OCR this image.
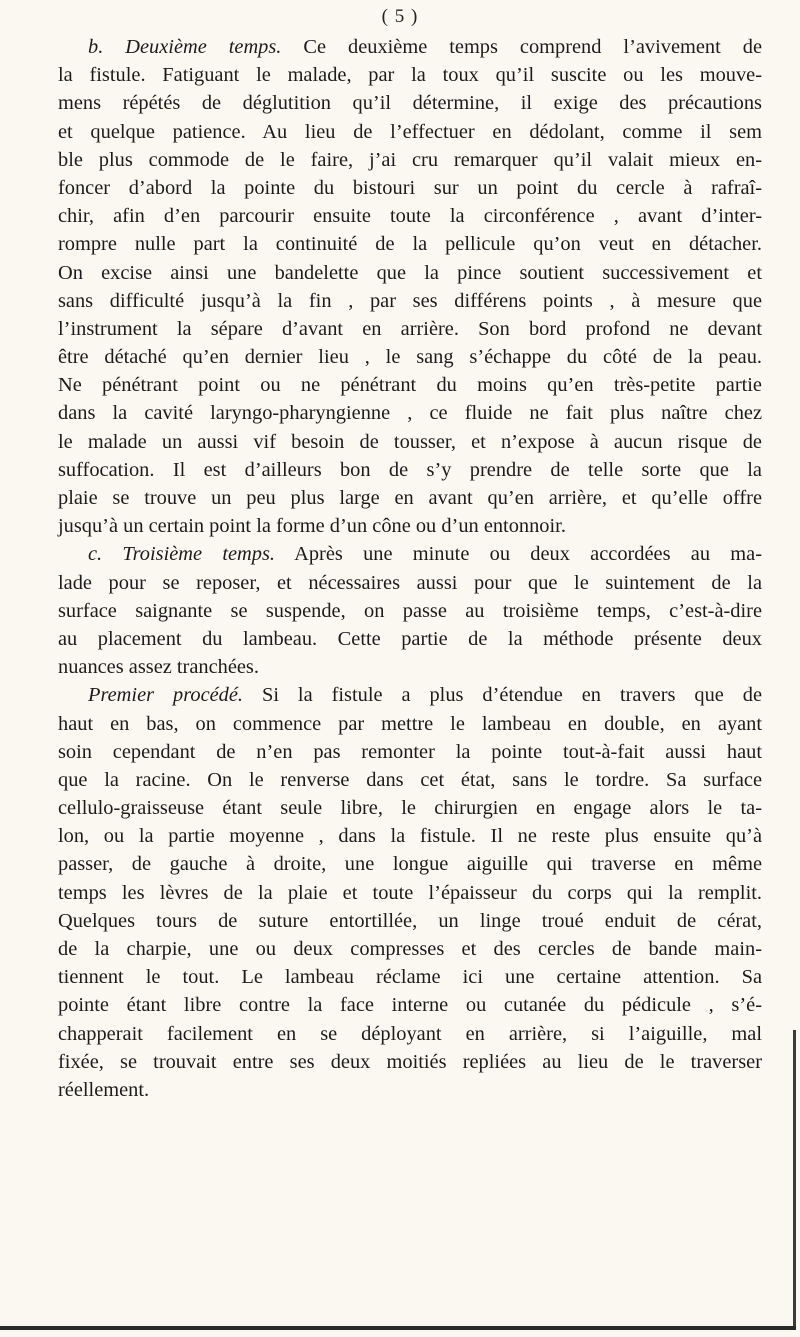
( 5 )
b. Deuxième temps. Ce deuxième temps comprend l’avivement de
la fistule. Fatiguant le malade, par la toux qu’il suscite ou les mouve-
mens répétés de déglutition qu’il détermine, il exige des précautions
et quelque patience. Au lieu de l’effectuer en dédolant, comme il sem
ble plus commode de le faire, j’ai cru remarquer qu’il valait mieux en-
foncer d’abord la pointe du bistouri sur un point du cercle à rafraî-
chir, afin d’en parcourir ensuite toute la circonférence , avant d’inter-
rompre nulle part la continuité de la pellicule qu’on veut en détacher.
On excise ainsi une bandelette que la pince soutient successivement et
sans difficulté jusqu’à la fin , par ses différens points , à mesure que
l’instrument la sépare d’avant en arrière. Son bord profond ne devant
être détaché qu’en dernier lieu , le sang s’échappe du côté de la peau.
Ne pénétrant point ou ne pénétrant du moins qu’en très-petite partie
dans la cavité laryngo-pharyngienne , ce fluide ne fait plus naître chez
le malade un aussi vif besoin de tousser, et n’expose à aucun risque de
suffocation. Il est d’ailleurs bon de s’y prendre de telle sorte que la
plaie se trouve un peu plus large en avant qu’en arrière, et qu’elle offre
jusqu’à un certain point la forme d’un cône ou d’un entonnoir.
c. Troisième temps. Après une minute ou deux accordées au ma-
lade pour se reposer, et nécessaires aussi pour que le suintement de la
surface saignante se suspende, on passe au troisième temps, c’est-à-dire
au placement du lambeau. Cette partie de la méthode présente deux
nuances assez tranchées.
Premier procédé. Si la fistule a plus d’étendue en travers que de
haut en bas, on commence par mettre le lambeau en double, en ayant
soin cependant de n’en pas remonter la pointe tout-à-fait aussi haut
que la racine. On le renverse dans cet état, sans le tordre. Sa surface
cellulo-graisseuse étant seule libre, le chirurgien en engage alors le ta-
lon, ou la partie moyenne , dans la fistule. Il ne reste plus ensuite qu’à
passer, de gauche à droite, une longue aiguille qui traverse en même
temps les lèvres de la plaie et toute l’épaisseur du corps qui la remplit.
Quelques tours de suture entortillée, un linge troué enduit de cérat,
de la charpie, une ou deux compresses et des cercles de bande main-
tiennent le tout. Le lambeau réclame ici une certaine attention. Sa
pointe étant libre contre la face interne ou cutanée du pédicule , s’é-
chapperait facilement en se déployant en arrière, si l’aiguille, mal
fixée, se trouvait entre ses deux moitiés repliées au lieu de le traverser
réellement.
